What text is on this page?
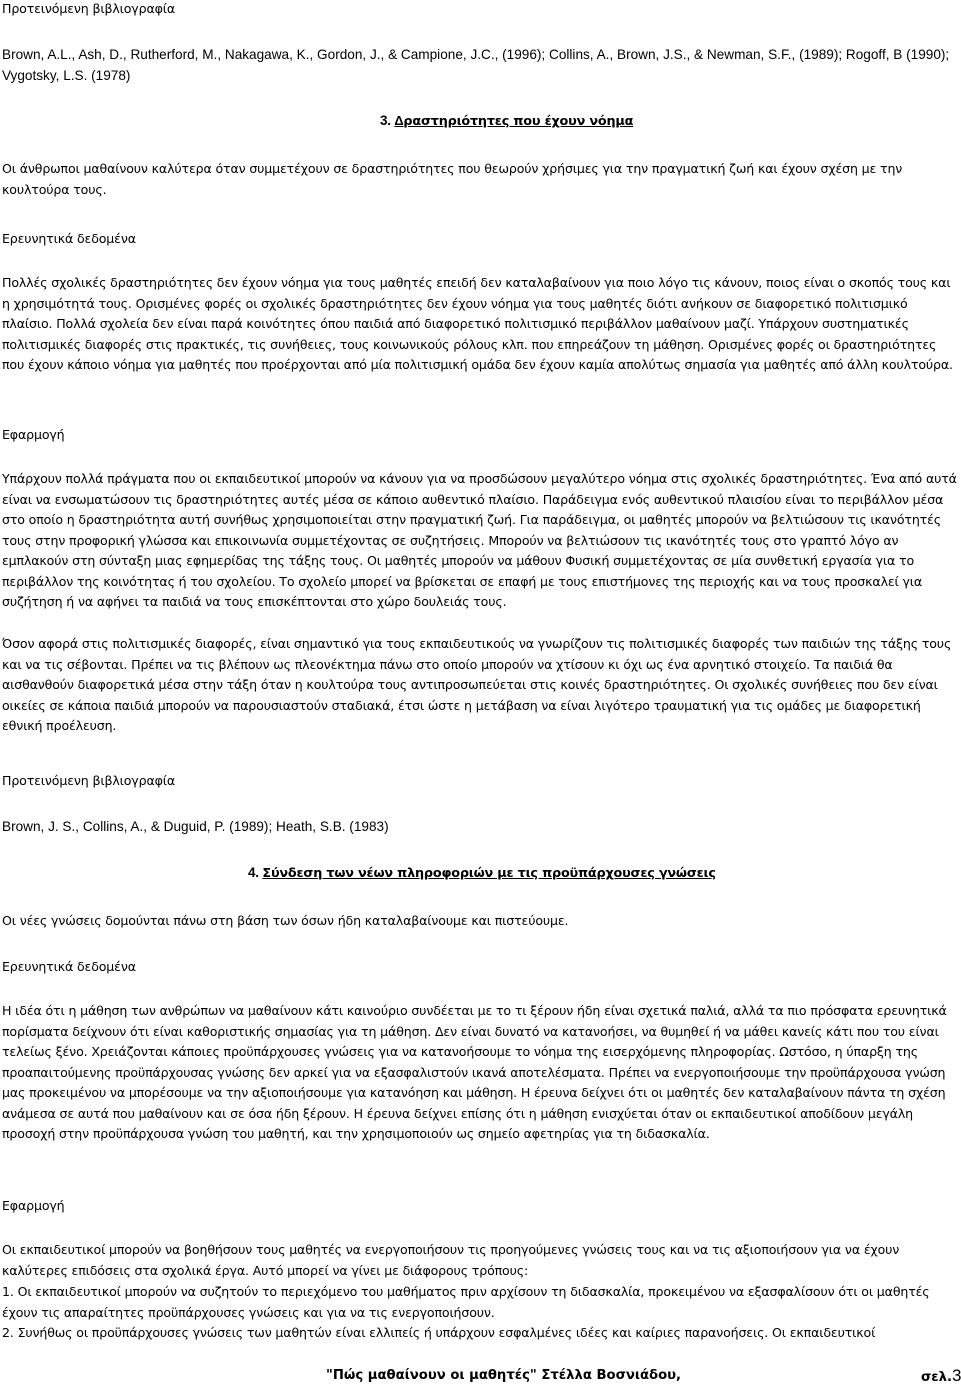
Προτεινόμενη βιβλιογραφία

Brown, A.L., Ash, D., Rutherford, M., Nakagawa, K., Gordon, J., & Campione, J.C., (1996); Collins, A., Brown, J.S., & Newman, S.F., (1989); Rogoff, B (1990); Vygotsky, L.S. (1978)

3. Δραστηριότητες που έχουν νόημα

Οι άνθρωποι μαθαίνουν καλύτερα όταν συμμετέχουν σε δραστηριότητες που θεωρούν χρήσιμες για την πραγματική ζωή και έχουν σχέση με την κουλτούρα τους.

Ερευνητικά δεδομένα

Πολλές σχολικές δραστηριότητες δεν έχουν νόημα για τους μαθητές επειδή δεν καταλαβαίνουν για ποιο λόγο τις κάνουν, ποιος είναι ο σκοπός τους και η χρησιμότητά τους. Ορισμένες φορές οι σχολικές δραστηριότητες δεν έχουν νόημα για τους μαθητές διότι ανήκουν σε διαφορετικό πολιτισμικό πλαίσιο. Πολλά σχολεία δεν είναι παρά κοινότητες όπου παιδιά από διαφορετικό πολιτισμικό περιβάλλον μαθαίνουν μαζί. Υπάρχουν συστηματικές πολιτισμικές διαφορές στις πρακτικές, τις συνήθειες, τους κοινωνικούς ρόλους κλπ. που επηρεάζουν τη μάθηση. Ορισμένες φορές οι δραστηριότητες που έχουν κάποιο νόημα για μαθητές που προέρχονται από μία πολιτισμική ομάδα δεν έχουν καμία απολύτως σημασία για μαθητές από άλλη κουλτούρα.

Εφαρμογή

Υπάρχουν πολλά πράγματα που οι εκπαιδευτικοί μπορούν να κάνουν για να προσδώσουν μεγαλύτερο νόημα στις σχολικές δραστηριότητες. Ένα από αυτά είναι να ενσωματώσουν τις δραστηριότητες αυτές μέσα σε κάποιο αυθεντικό πλαίσιο. Παράδειγμα ενός αυθεντικού πλαισίου είναι το περιβάλλον μέσα στο οποίο η δραστηριότητα αυτή συνήθως χρησιμοποιείται στην πραγματική ζωή. Για παράδειγμα, οι μαθητές μπορούν να βελτιώσουν τις ικανότητές τους στην προφορική γλώσσα και επικοινωνία συμμετέχοντας σε συζητήσεις. Μπορούν να βελτιώσουν τις ικανότητές τους στο γραπτό λόγο αν εμπλακούν στη σύνταξη μιας εφημερίδας της τάξης τους. Οι μαθητές μπορούν να μάθουν Φυσική συμμετέχοντας σε μία συνθετική εργασία για το περιβάλλον της κοινότητας ή του σχολείου. Το σχολείο μπορεί να βρίσκεται σε επαφή με τους επιστήμονες της περιοχής και να τους προσκαλεί για συζήτηση ή να αφήνει τα παιδιά να τους επισκέπτονται στο χώρο δουλειάς τους.

Όσον αφορά στις πολιτισμικές διαφορές, είναι σημαντικό για τους εκπαιδευτικούς να γνωρίζουν τις πολιτισμικές διαφορές των παιδιών της τάξης τους και να τις σέβονται. Πρέπει να τις βλέπουν ως πλεονέκτημα πάνω στο οποίο μπορούν να χτίσουν κι όχι ως ένα αρνητικό στοιχείο. Τα παιδιά θα αισθανθούν διαφορετικά μέσα στην τάξη όταν η κουλτούρα τους αντιπροσωπεύεται στις κοινές δραστηριότητες. Οι σχολικές συνήθειες που δεν είναι οικείες σε κάποια παιδιά μπορούν να παρουσιαστούν σταδιακά, έτσι ώστε η μετάβαση να είναι λιγότερο τραυματική για τις ομάδες με διαφορετική εθνική προέλευση.

Προτεινόμενη βιβλιογραφία

Brown, J. S., Collins, A., & Duguid, P. (1989); Heath, S.B. (1983)

4. Σύνδεση των νέων πληροφοριών με τις προϋπάρχουσες γνώσεις

Οι νέες γνώσεις δομούνται πάνω στη βάση των όσων ήδη καταλαβαίνουμε και πιστεύουμε.

Ερευνητικά δεδομένα

Η ιδέα ότι η μάθηση των ανθρώπων να μαθαίνουν κάτι καινούριο συνδέεται με το τι ξέρουν ήδη είναι σχετικά παλιά, αλλά τα πιο πρόσφατα ερευνητικά πορίσματα δείχνουν ότι είναι καθοριστικής σημασίας για τη μάθηση. Δεν είναι δυνατό να κατανοήσει, να θυμηθεί ή να μάθει κανείς κάτι που του είναι τελείως ξένο. Χρειάζονται κάποιες προϋπάρχουσες γνώσεις για να κατανοήσουμε το νόημα της εισερχόμενης πληροφορίας. Ωστόσο, η ύπαρξη της προαπαιτούμενης προϋπάρχουσας γνώσης δεν αρκεί για να εξασφαλιστούν ικανά αποτελέσματα. Πρέπει να ενεργοποιήσουμε την προϋπάρχουσα γνώση μας προκειμένου να μπορέσουμε να την αξιοποιήσουμε για κατανόηση και μάθηση. Η έρευνα δείχνει ότι οι μαθητές δεν καταλαβαίνουν πάντα τη σχέση ανάμεσα σε αυτά που μαθαίνουν και σε όσα ήδη ξέρουν. Η έρευνα δείχνει επίσης ότι η μάθηση ενισχύεται όταν οι εκπαιδευτικοί αποδίδουν μεγάλη προσοχή στην προϋπάρχουσα γνώση του μαθητή, και την χρησιμοποιούν ως σημείο αφετηρίας για τη διδασκαλία.

Εφαρμογή

Οι εκπαιδευτικοί μπορούν να βοηθήσουν τους μαθητές να ενεργοποιήσουν τις προηγούμενες γνώσεις τους και να τις αξιοποιήσουν για να έχουν καλύτερες επιδόσεις στα σχολικά έργα. Αυτό μπορεί να γίνει με διάφορους τρόπους:

1. Οι εκπαιδευτικοί μπορούν να συζητούν το περιεχόμενο του μαθήματος πριν αρχίσουν τη διδασκαλία, προκειμένου να εξασφαλίσουν ότι οι μαθητές έχουν τις απαραίτητες προϋπάρχουσες γνώσεις και για να τις ενεργοποιήσουν.

2. Συνήθως οι προϋπάρχουσες γνώσεις των μαθητών είναι ελλιπείς ή υπάρχουν εσφαλμένες ιδέες και καίριες παρανοήσεις. Οι εκπαιδευτικοί

"Πώς μαθαίνουν οι μαθητές" Στέλλα Βοσνιάδου,	σελ.3
